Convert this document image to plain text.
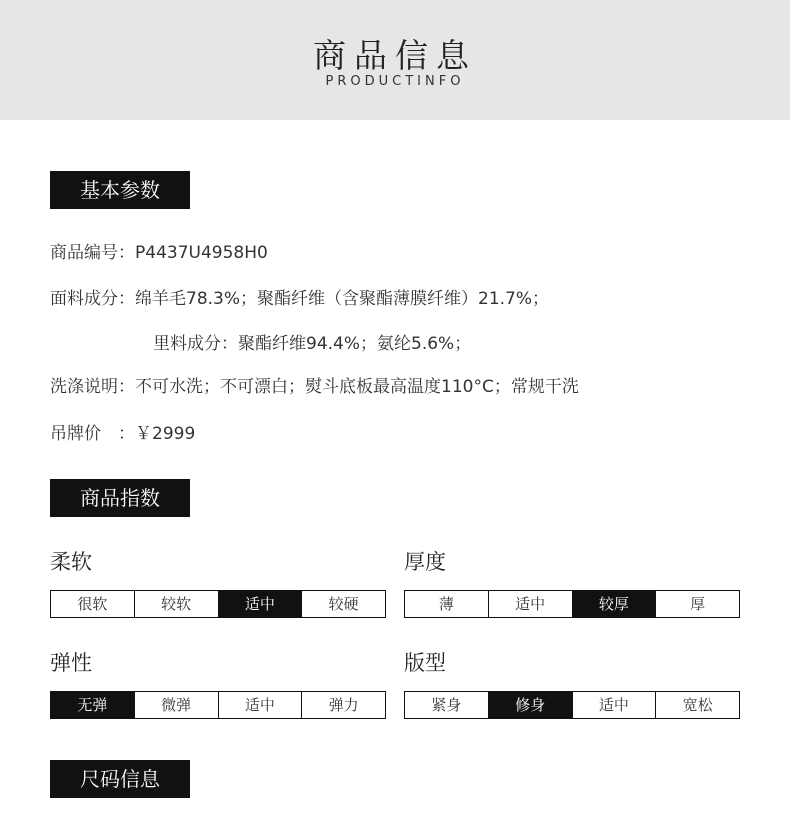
商品信息
PRODUCTINFO
基本参数
商品编号：P4437U4958H0
面料成分：绵羊毛78.3%；聚酯纤维（含聚酯薄膜纤维）21.7%；
里料成分：聚酯纤维94.4%；氨纶5.6%；
洗涤说明：不可水洗；不可漂白；熨斗底板最高温度110°C；常规干洗
吊牌价　：￥2999
商品指数
柔软
很软	较软	适中	较硬
厚度
薄	适中	较厚	厚
弹性
无弹	微弹	适中	弹力
版型
紧身	修身	适中	宽松
尺码信息
